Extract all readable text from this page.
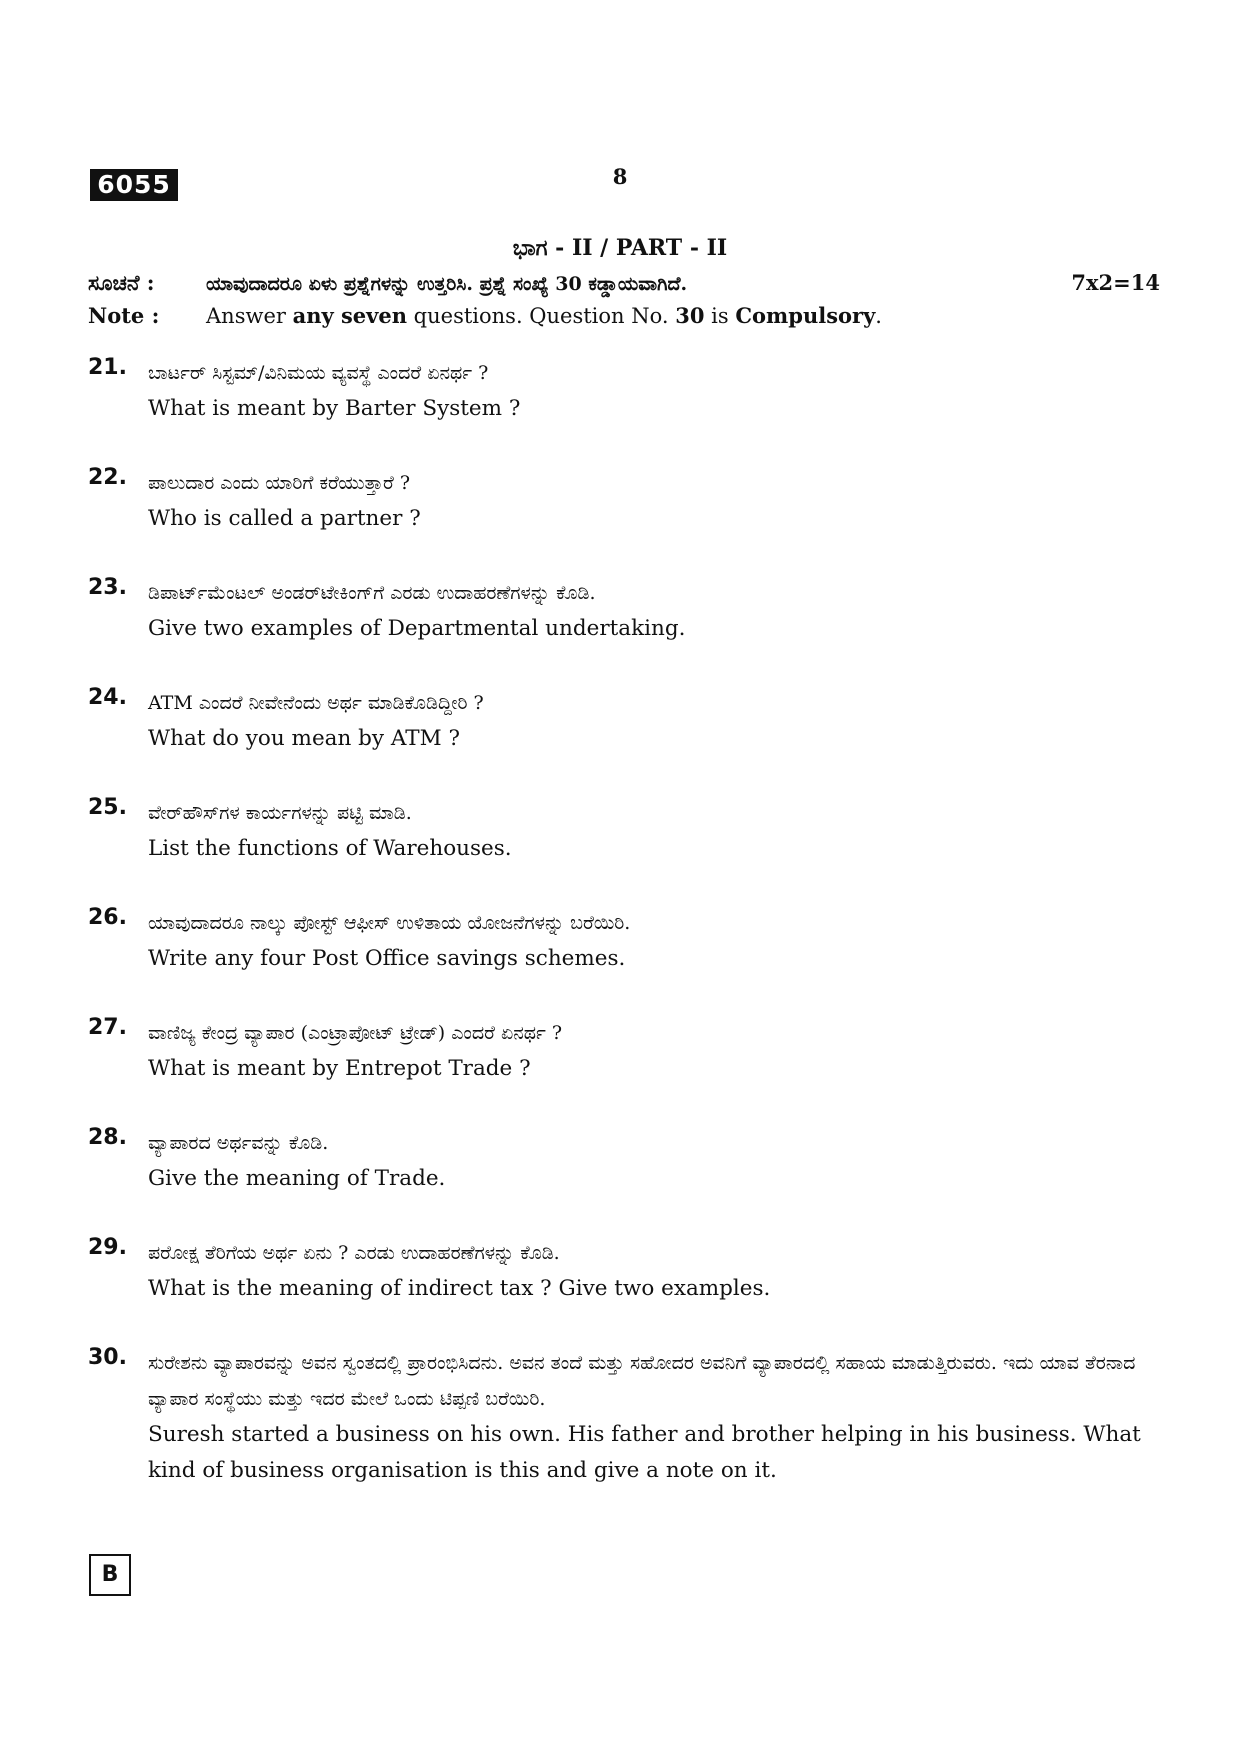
6055	8
ಭಾಗ - II / PART - II
ಸೂಚನೆ :	ಯಾವುದಾದರೂ ಏಳು ಪ್ರಶ್ನೆಗಳನ್ನು ಉತ್ತರಿಸಿ. ಪ್ರಶ್ನೆ ಸಂಖ್ಯೆ 30 ಕಡ್ಡಾಯವಾಗಿದೆ.	7x2=14
Note : Answer any seven questions. Question No. 30 is Compulsory.
21. ಬಾರ್ಟರ್ ಸಿಸ್ಟಮ್/ವಿನಿಮಯ ವ್ಯವಸ್ಥೆ ಎಂದರೆ ಏನರ್ಥ ?
What is meant by Barter System ?
22. ಪಾಲುದಾರ ಎಂದು ಯಾರಿಗೆ ಕರೆಯುತ್ತಾರೆ ?
Who is called a partner ?
23. ಡಿಪಾರ್ಟ್‌ಮೆಂಟಲ್ ಅಂಡರ್‌ಟೇಕಿಂಗ್‌ಗೆ ಎರಡು ಉದಾಹರಣೆಗಳನ್ನು ಕೊಡಿ.
Give two examples of Departmental undertaking.
24. ATM ಎಂದರೆ ನೀವೇನೆಂದು ಅರ್ಥ ಮಾಡಿಕೊಡಿದ್ದೀರಿ ?
What do you mean by ATM ?
25. ವೇರ್‌ಹೌಸ್‌ಗಳ ಕಾರ್ಯಗಳನ್ನು ಪಟ್ಟಿ ಮಾಡಿ.
List the functions of Warehouses.
26. ಯಾವುದಾದರೂ ನಾಲ್ಕು ಪೋಸ್ಟ್ ಆಫೀಸ್ ಉಳಿತಾಯ ಯೋಜನೆಗಳನ್ನು ಬರೆಯಿರಿ.
Write any four Post Office savings schemes.
27. ವಾಣಿಜ್ಯ ಕೇಂದ್ರ ವ್ಯಾಪಾರ (ಎಂಟ್ರಾಪೋಟ್ ಟ್ರೇಡ್) ಎಂದರೆ ಏನರ್ಥ ?
What is meant by Entrepot Trade ?
28. ವ್ಯಾಪಾರದ ಅರ್ಥವನ್ನು ಕೊಡಿ.
Give the meaning of Trade.
29. ಪರೋಕ್ಷ ತೆರಿಗೆಯ ಅರ್ಥ ಏನು ? ಎರಡು ಉದಾಹರಣೆಗಳನ್ನು ಕೊಡಿ.
What is the meaning of indirect tax ? Give two examples.
30. ಸುರೇಶನು ವ್ಯಾಪಾರವನ್ನು ಅವನ ಸ್ವಂತದಲ್ಲಿ ಪ್ರಾರಂಭಿಸಿದನು. ಅವನ ತಂದೆ ಮತ್ತು ಸಹೋದರ ಅವನಿಗೆ ವ್ಯಾಪಾರದಲ್ಲಿ ಸಹಾಯ ಮಾಡುತ್ತಿರುವರು. ಇದು ಯಾವ ತೆರನಾದ ವ್ಯಾಪಾರ ಸಂಸ್ಥೆಯು ಮತ್ತು ಇದರ ಮೇಲೆ ಒಂದು ಟಿಪ್ಪಣಿ ಬರೆಯಿರಿ.
Suresh started a business on his own. His father and brother helping in his business. What kind of business organisation is this and give a note on it.
B
